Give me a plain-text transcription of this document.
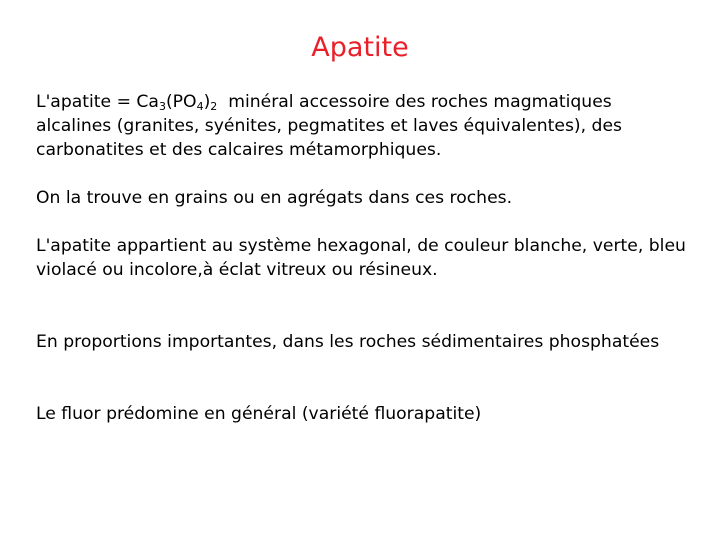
Apatite

L'apatite = $Ca_3(PO_4)_2$  minéral accessoire des roches magmatiques alcalines (granites, syénites, pegmatites et laves équivalentes), des carbonatites et des calcaires métamorphiques.

On la trouve en grains ou en agrégats dans ces roches.

L'apatite appartient au système hexagonal, de couleur blanche, verte, bleu violacé ou incolore,à éclat vitreux ou résineux.

En proportions importantes, dans les roches sédimentaires phosphatées

Le fluor prédomine en général (variété fluorapatite)
